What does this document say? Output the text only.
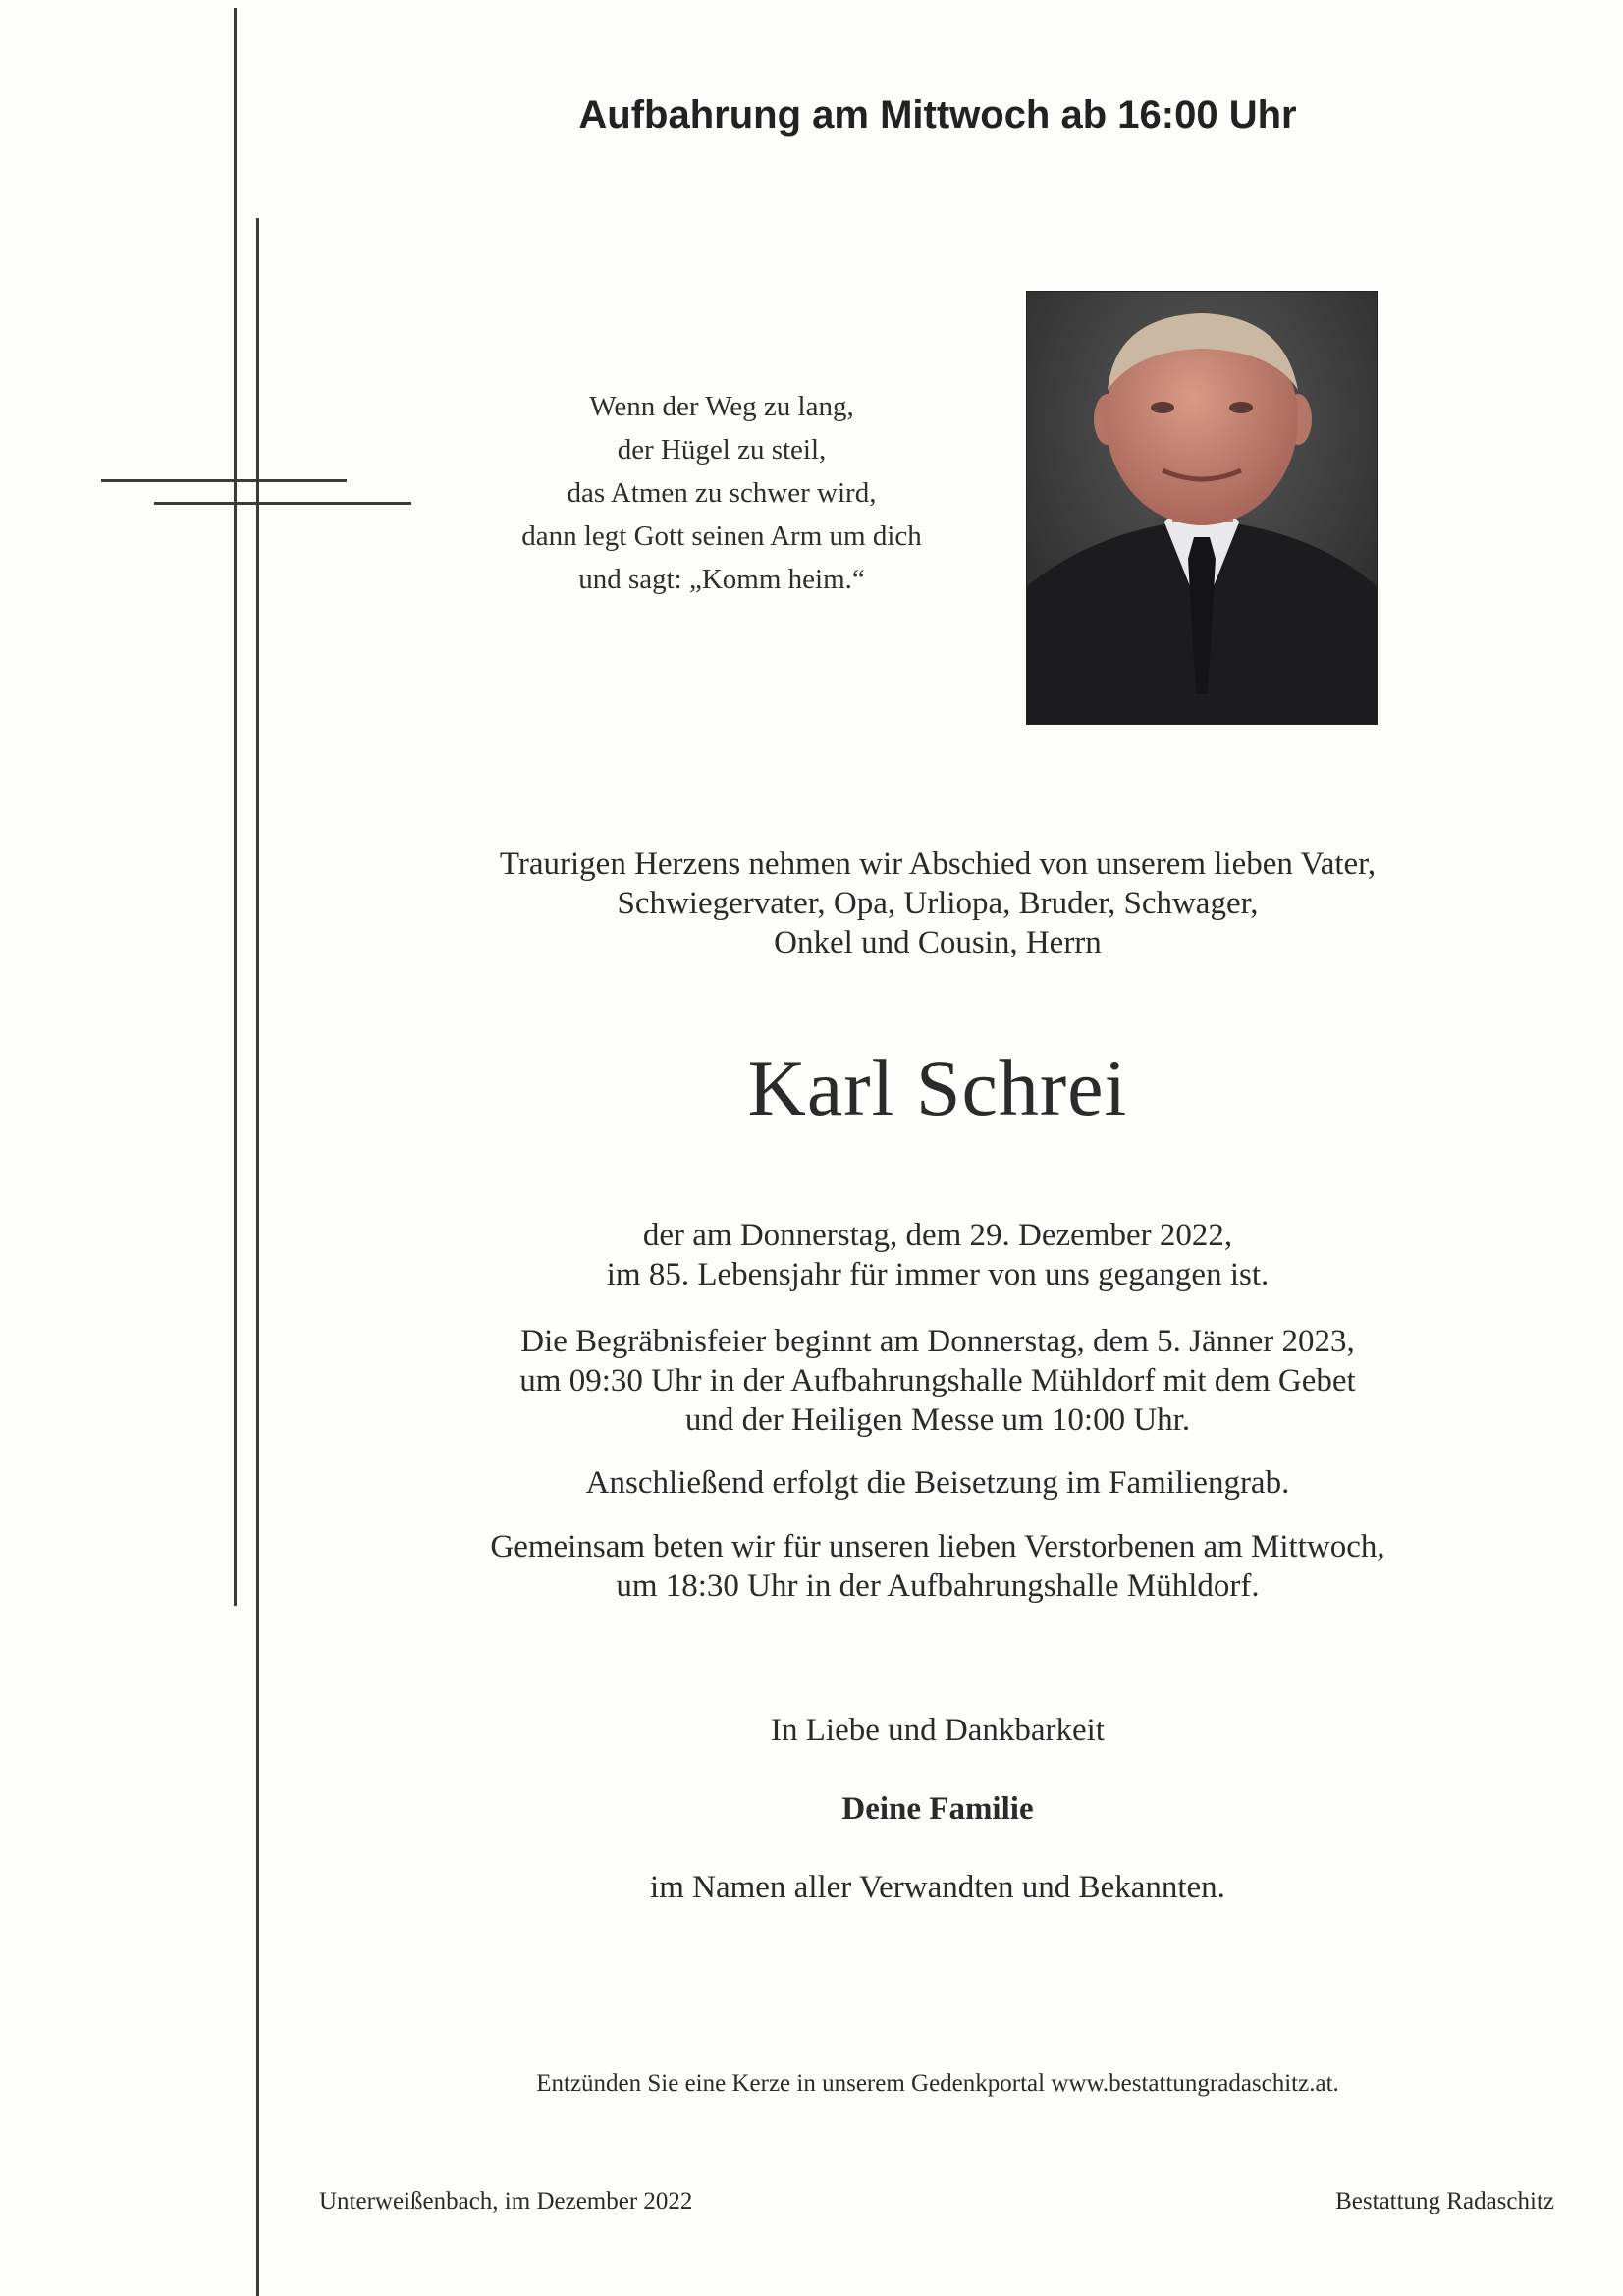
Aufbahrung am Mittwoch ab 16:00 Uhr
Wenn der Weg zu lang,
der Hügel zu steil,
das Atmen zu schwer wird,
dann legt Gott seinen Arm um dich
und sagt: „Komm heim.“
Traurigen Herzens nehmen wir Abschied von unserem lieben Vater,
Schwiegervater, Opa, Urliopa, Bruder, Schwager,
Onkel und Cousin, Herrn
Karl Schrei
der am Donnerstag, dem 29. Dezember 2022,
im 85. Lebensjahr für immer von uns gegangen ist.
Die Begräbnisfeier beginnt am Donnerstag, dem 5. Jänner 2023,
um 09:30 Uhr in der Aufbahrungshalle Mühldorf mit dem Gebet
und der Heiligen Messe um 10:00 Uhr.
Anschließend erfolgt die Beisetzung im Familiengrab.
Gemeinsam beten wir für unseren lieben Verstorbenen am Mittwoch,
um 18:30 Uhr in der Aufbahrungshalle Mühldorf.
In Liebe und Dankbarkeit
Deine Familie
im Namen aller Verwandten und Bekannten.
Entzünden Sie eine Kerze in unserem Gedenkportal www.bestattungradaschitz.at.
Unterweißenbach, im Dezember 2022	Bestattung Radaschitz
